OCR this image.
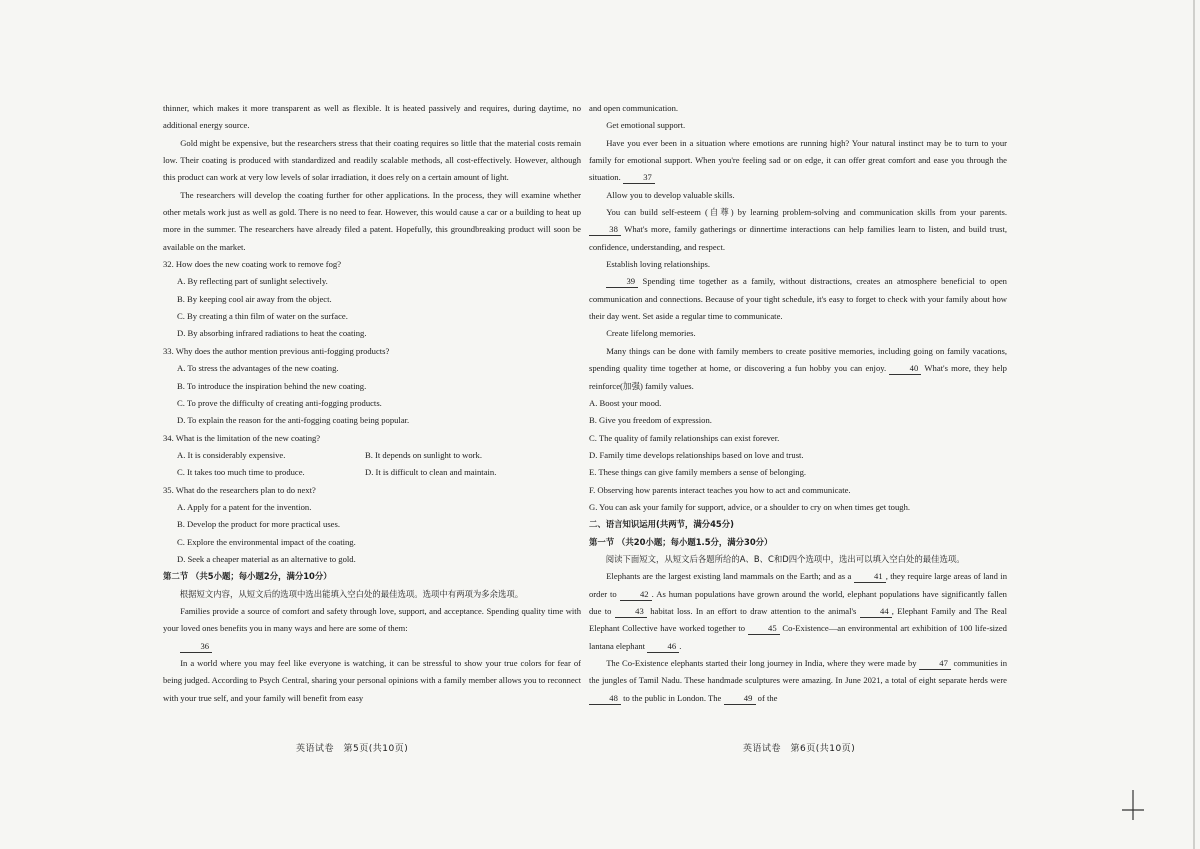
thinner, which makes it more transparent as well as flexible. It is heated passively and requires, during daytime, no additional energy source.

Gold might be expensive, but the researchers stress that their coating requires so little that the material costs remain low. Their coating is produced with standardized and readily scalable methods, all cost-effectively. However, although this product can work at very low levels of solar irradiation, it does rely on a certain amount of light.

The researchers will develop the coating further for other applications. In the process, they will examine whether other metals work just as well as gold. There is no need to fear. However, this would cause a car or a building to heat up more in the summer. The researchers have already filed a patent. Hopefully, this groundbreaking product will soon be available on the market.

32. How does the new coating work to remove fog?

A. By reflecting part of sunlight selectively.

B. By keeping cool air away from the object.

C. By creating a thin film of water on the surface.

D. By absorbing infrared radiations to heat the coating.

33. Why does the author mention previous anti-fogging products?

A. To stress the advantages of the new coating.

B. To introduce the inspiration behind the new coating.

C. To prove the difficulty of creating anti-fogging products.

D. To explain the reason for the anti-fogging coating being popular.

34. What is the limitation of the new coating?

A. It is considerably expensive.	B. It depends on sunlight to work.

C. It takes too much time to produce.	D. It is difficult to clean and maintain.

35. What do the researchers plan to do next?

A. Apply for a patent for the invention.

B. Develop the product for more practical uses.

C. Explore the environmental impact of the coating.

D. Seek a cheaper material as an alternative to gold.

第二节 （共5小题；每小题2分，满分10分）

根据短文内容，从短文后的选项中选出能填入空白处的最佳选项。选项中有两项为多余选项。

Families provide a source of comfort and safety through love, support, and acceptance. Spending quality time with your loved ones benefits you in many ways and here are some of them:

36

In a world where you may feel like everyone is watching, it can be stressful to show your true colors for fear of being judged. According to Psych Central, sharing your personal opinions with a family member allows you to reconnect with your true self, and your family will benefit from easy

and open communication.

Get emotional support.

Have you ever been in a situation where emotions are running high? Your natural instinct may be to turn to your family for emotional support. When you're feeling sad or on edge, it can offer great comfort and ease you through the situation.	37

Allow you to develop valuable skills.

You can build self-esteem (自尊) by learning problem-solving and communication skills from your parents. 38 What's more, family gatherings or dinnertime interactions can help families learn to listen, and build trust, confidence, understanding, and respect.

Establish loving relationships.

39 Spending time together as a family, without distractions, creates an atmosphere beneficial to open communication and connections. Because of your tight schedule, it's easy to forget to check with your family about how their day went. Set aside a regular time to communicate.

Create lifelong memories.

Many things can be done with family members to create positive memories, including going on family vacations, spending quality time together at home, or discovering a fun hobby you can enjoy.	40 What's more, they help reinforce(加强) family values.

A. Boost your mood.

B. Give you freedom of expression.

C. The quality of family relationships can exist forever.

D. Family time develops relationships based on love and trust.

E. These things can give family members a sense of belonging.

F. Observing how parents interact teaches you how to act and communicate.

G. You can ask your family for support, advice, or a shoulder to cry on when times get tough.

二、语言知识运用(共两节，满分45分)

第一节 （共20小题；每小题1.5分，满分30分）

阅读下面短文，从短文后各题所给的A、B、C和D四个选项中，选出可以填入空白处的最佳选项。

Elephants are the largest existing land mammals on the Earth; and as a	41 , they require large areas of land in order to	42 . As human populations have grown around the world, elephant populations have significantly fallen due to	43 habitat loss. In an effort to draw attention to the animal's	44 , Elephant Family and The Real Elephant Collective have worked together to	45 Co-Existence—an environmental art exhibition of 100 life-sized lantana elephant	46 .

The Co-Existence elephants started their long journey in India, where they were made by	47 communities in the jungles of Tamil Nadu. These handmade sculptures were amazing. In June 2021, a total of eight separate herds were 48 to the public in London. The	49 of the

英语试卷　第5页(共10页)	英语试卷　第6页(共10页)
